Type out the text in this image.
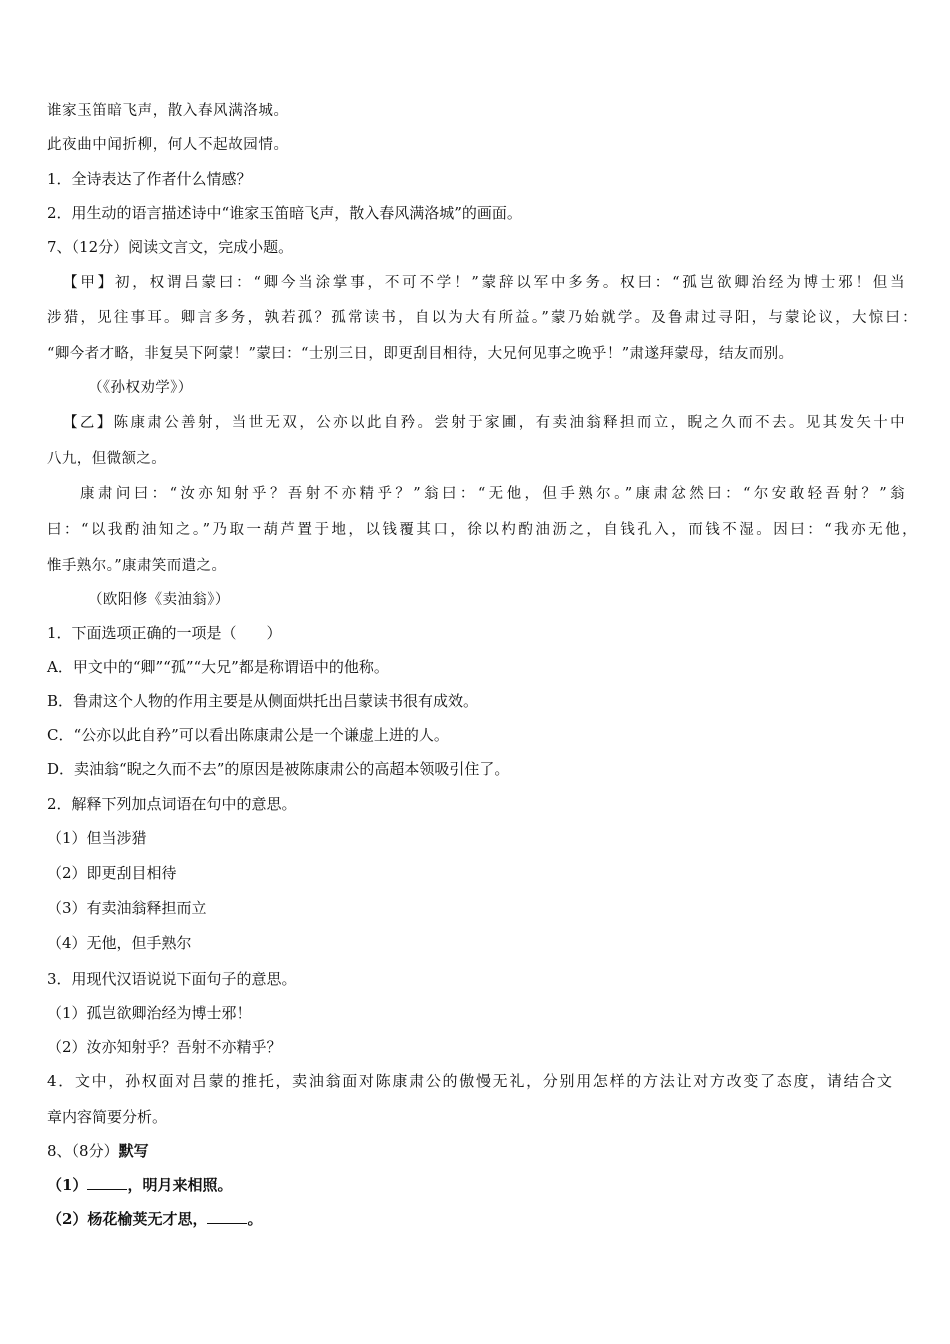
谁家玉笛暗飞声，散入春风满洛城。
此夜曲中闻折柳，何人不起故园情。
1．全诗表达了作者什么情感？
2．用生动的语言描述诗中“谁家玉笛暗飞声，散入春风满洛城”的画面。
7、（12分）阅读文言文，完成小题。
【甲】初，权谓吕蒙曰：“卿今当涂掌事，不可不学！”蒙辞以军中多务。权曰：“孤岂欲卿治经为博士邪！但当
涉猎，见往事耳。卿言多务，孰若孤？孤常读书，自以为大有所益。”蒙乃始就学。及鲁肃过寻阳，与蒙论议，大惊曰：
“卿今者才略，非复吴下阿蒙！”蒙曰：“士别三日，即更刮目相待，大兄何见事之晚乎！”肃遂拜蒙母，结友而别。
（《孙权劝学》）
【乙】陈康肃公善射，当世无双，公亦以此自矜。尝射于家圃，有卖油翁释担而立，睨之久而不去。见其发矢十中
八九，但微颔之。
康肃问曰：“汝亦知射乎？吾射不亦精乎？”翁曰：“无他，但手熟尔。”康肃忿然曰：“尔安敢轻吾射？”翁
曰：“以我酌油知之。”乃取一葫芦置于地，以钱覆其口，徐以杓酌油沥之，自钱孔入，而钱不湿。因曰：“我亦无他，
惟手熟尔。”康肃笑而遣之。
（欧阳修《卖油翁》）
1．下面选项正确的一项是（　　）
A．甲文中的“卿”“孤”“大兄”都是称谓语中的他称。
B．鲁肃这个人物的作用主要是从侧面烘托出吕蒙读书很有成效。
C．“公亦以此自矜”可以看出陈康肃公是一个谦虚上进的人。
D．卖油翁“睨之久而不去”的原因是被陈康肃公的高超本领吸引住了。
2．解释下列加点词语在句中的意思。
（1）但当涉猎
（2）即更刮目相待
（3）有卖油翁释担而立
（4）无他，但手熟尔
3．用现代汉语说说下面句子的意思。
（1）孤岂欲卿治经为博士邪！
（2）汝亦知射乎？吾射不亦精乎？
4．文中，孙权面对吕蒙的推托，卖油翁面对陈康肃公的傲慢无礼，分别用怎样的方法让对方改变了态度，请结合文
章内容简要分析。
8、（8分）默写
（1）	，明月来相照。
（2）杨花榆荚无才思，	。
